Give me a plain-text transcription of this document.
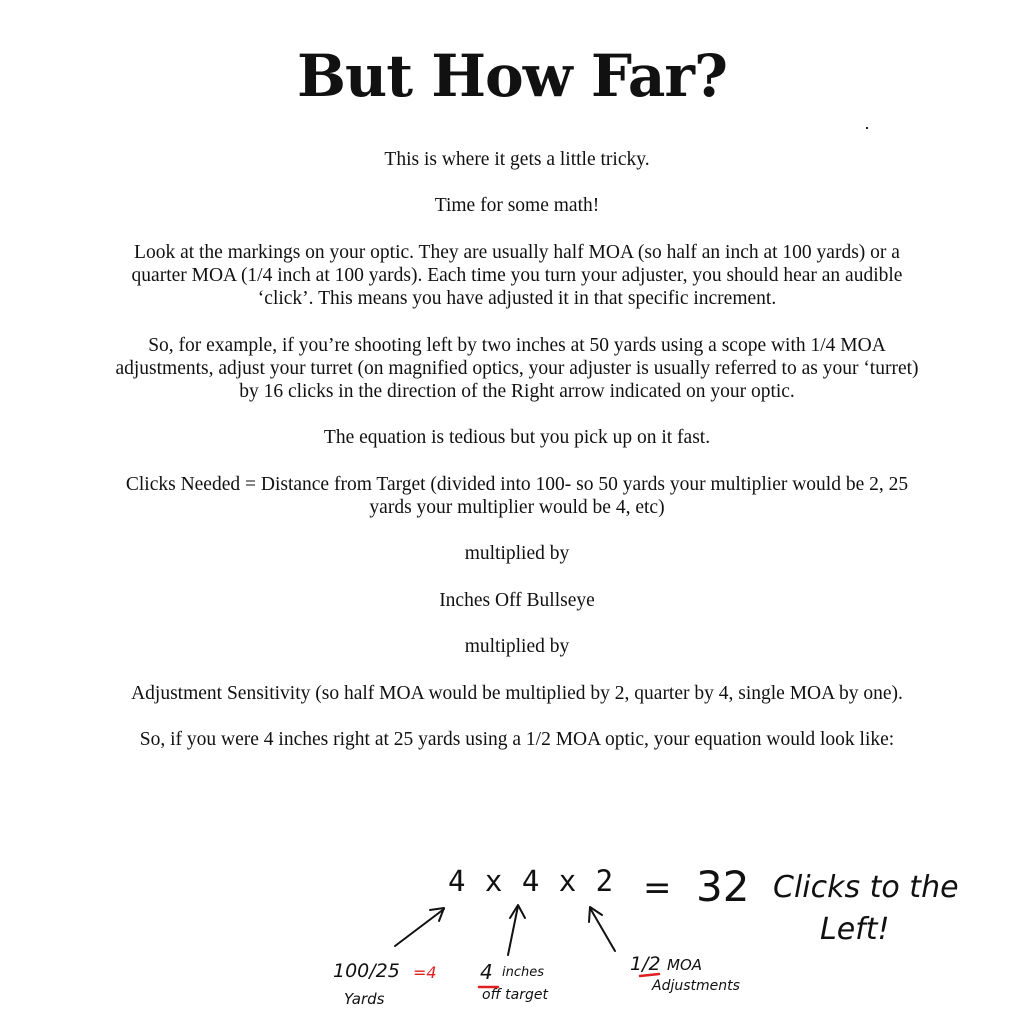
But How Far?

This is where it gets a little tricky.

Time for some math!

Look at the markings on your optic. They are usually half MOA (so half an inch at 100 yards) or a quarter MOA (1/4 inch at 100 yards). Each time you turn your adjuster, you should hear an audible ‘click’. This means you have adjusted it in that specific increment.

So, for example, if you’re shooting left by two inches at 50 yards using a scope with 1/4 MOA adjustments, adjust your turret (on magnified optics, your adjuster is usually referred to as your ‘turret) by 16 clicks in the direction of the Right arrow indicated on your optic.

The equation is tedious but you pick up on it fast.

Clicks Needed = Distance from Target (divided into 100- so 50 yards your multiplier would be 2, 25 yards your multiplier would be 4, etc)

multiplied by

Inches Off Bullseye

multiplied by

Adjustment Sensitivity (so half MOA would be multiplied by 2, quarter by 4, single MOA by one).

So, if you were 4 inches right at 25 yards using a 1/2 MOA optic, your equation would look like:

4 x 4 x 2 = 32 Clicks to the
Left!
100/25 =4
Yards
4 inches
off target
1/2 MOA
Adjustments
